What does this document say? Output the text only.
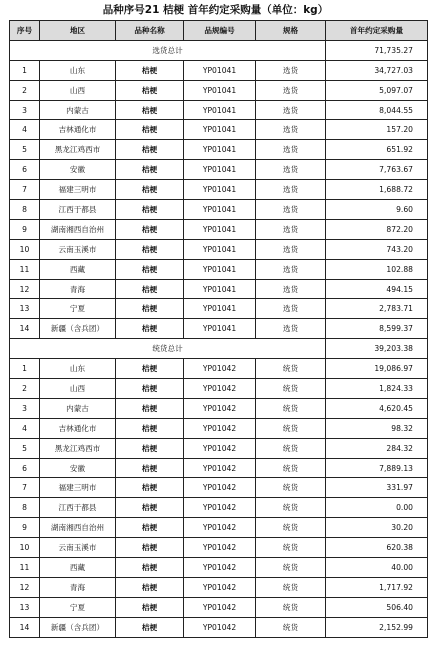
品种序号21 桔梗 首年约定采购量（单位：kg）
序号	地区	品种名称	品规编号	规格	首年约定采购量
选货总计					71,735.27
1	山东	桔梗	YP01041	选货	34,727.03
2	山西	桔梗	YP01041	选货	5,097.07
3	内蒙古	桔梗	YP01041	选货	8,044.55
4	吉林通化市	桔梗	YP01041	选货	157.20
5	黑龙江鸡西市	桔梗	YP01041	选货	651.92
6	安徽	桔梗	YP01041	选货	7,763.67
7	福建三明市	桔梗	YP01041	选货	1,688.72
8	江西于都县	桔梗	YP01041	选货	9.60
9	湖南湘西自治州	桔梗	YP01041	选货	872.20
10	云南玉溪市	桔梗	YP01041	选货	743.20
11	西藏	桔梗	YP01041	选货	102.88
12	青海	桔梗	YP01041	选货	494.15
13	宁夏	桔梗	YP01041	选货	2,783.71
14	新疆（含兵团）	桔梗	YP01041	选货	8,599.37
统货总计					39,203.38
1	山东	桔梗	YP01042	统货	19,086.97
2	山西	桔梗	YP01042	统货	1,824.33
3	内蒙古	桔梗	YP01042	统货	4,620.45
4	吉林通化市	桔梗	YP01042	统货	98.32
5	黑龙江鸡西市	桔梗	YP01042	统货	284.32
6	安徽	桔梗	YP01042	统货	7,889.13
7	福建三明市	桔梗	YP01042	统货	331.97
8	江西于都县	桔梗	YP01042	统货	0.00
9	湖南湘西自治州	桔梗	YP01042	统货	30.20
10	云南玉溪市	桔梗	YP01042	统货	620.38
11	西藏	桔梗	YP01042	统货	40.00
12	青海	桔梗	YP01042	统货	1,717.92
13	宁夏	桔梗	YP01042	统货	506.40
14	新疆（含兵团）	桔梗	YP01042	统货	2,152.99
